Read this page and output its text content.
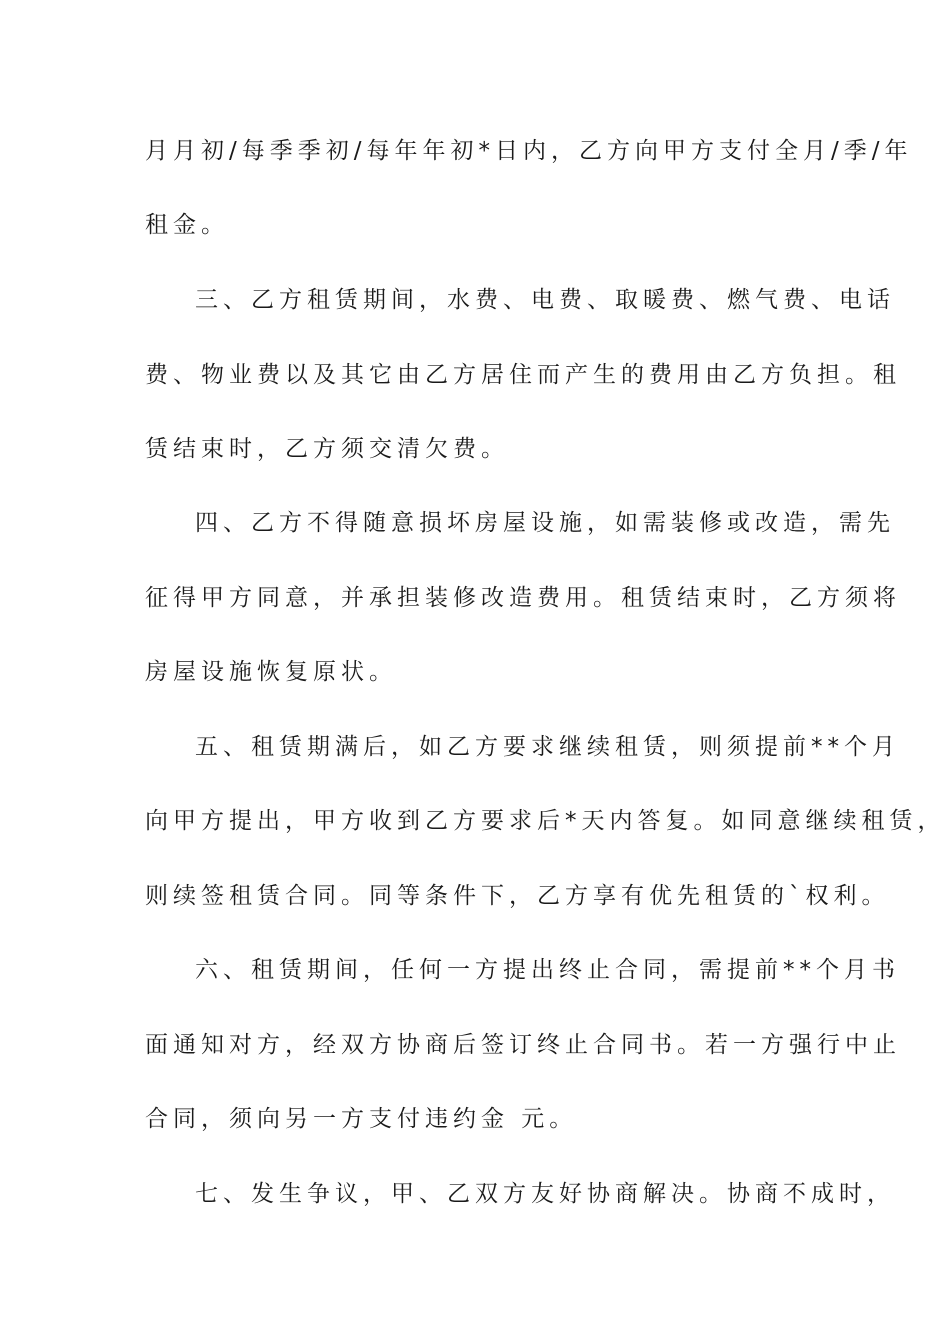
月月初/每季季初/每年年初*日内，乙方向甲方支付全月/季/年
租金。
三、乙方租赁期间，水费、电费、取暖费、燃气费、电话
费、物业费以及其它由乙方居住而产生的费用由乙方负担。租
赁结束时，乙方须交清欠费。
四、乙方不得随意损坏房屋设施，如需装修或改造，需先
征得甲方同意，并承担装修改造费用。租赁结束时，乙方须将
房屋设施恢复原状。
五、租赁期满后，如乙方要求继续租赁，则须提前**个月
向甲方提出，甲方收到乙方要求后*天内答复。如同意继续租赁，
则续签租赁合同。同等条件下，乙方享有优先租赁的`权利。
六、租赁期间，任何一方提出终止合同，需提前**个月书
面通知对方，经双方协商后签订终止合同书。若一方强行中止
合同，须向另一方支付违约金 元。
七、发生争议，甲、乙双方友好协商解决。协商不成时，
